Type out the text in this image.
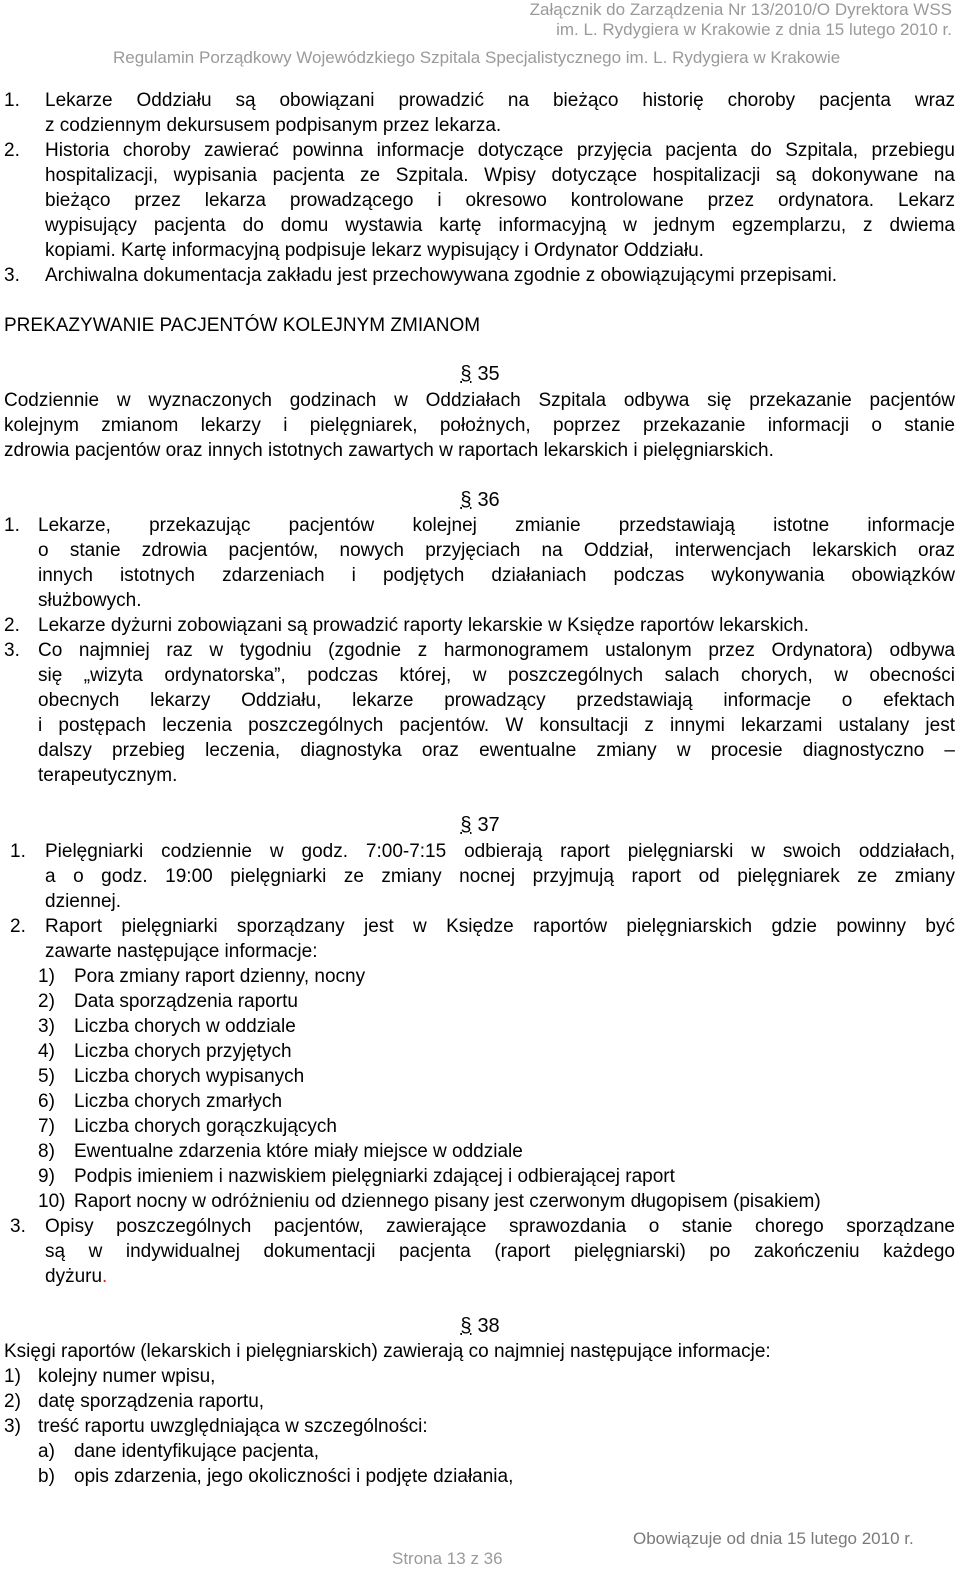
Załącznik do Zarządzenia Nr 13/2010/O Dyrektora WSS
im. L. Rydygiera w Krakowie z dnia 15 lutego 2010 r.
Regulamin Porządkowy Wojewódzkiego Szpitala Specjalistycznego im. L. Rydygiera w Krakowie
1. Lekarze Oddziału są obowiązani prowadzić na bieżąco historię choroby pacjenta wraz
z codziennym dekursusem podpisanym przez lekarza.
2. Historia choroby zawierać powinna informacje dotyczące przyjęcia pacjenta do Szpitala, przebiegu
hospitalizacji, wypisania pacjenta ze Szpitala. Wpisy dotyczące hospitalizacji są dokonywane na
bieżąco przez lekarza prowadzącego i okresowo kontrolowane przez ordynatora. Lekarz
wypisujący pacjenta do domu wystawia kartę informacyjną w jednym egzemplarzu, z dwiema
kopiami. Kartę informacyjną podpisuje lekarz wypisujący i Ordynator Oddziału.
3. Archiwalna dokumentacja zakładu jest przechowywana zgodnie z obowiązującymi przepisami.
PREKAZYWANIE PACJENTÓW KOLEJNYM ZMIANOM
§ 35
Codziennie w wyznaczonych godzinach w Oddziałach Szpitala odbywa się przekazanie pacjentów
kolejnym zmianom lekarzy i pielęgniarek, położnych, poprzez przekazanie informacji o stanie
zdrowia pacjentów oraz innych istotnych zawartych w raportach lekarskich i pielęgniarskich.
§ 36
1. Lekarze, przekazując pacjentów kolejnej zmianie przedstawiają istotne informacje
o stanie zdrowia pacjentów, nowych przyjęciach na Oddział, interwencjach lekarskich oraz
innych istotnych zdarzeniach i podjętych działaniach podczas wykonywania obowiązków
służbowych.
2. Lekarze dyżurni zobowiązani są prowadzić raporty lekarskie w Księdze raportów lekarskich.
3. Co najmniej raz w tygodniu (zgodnie z harmonogramem ustalonym przez Ordynatora) odbywa
się „wizyta ordynatorska”, podczas której, w poszczególnych salach chorych, w obecności
obecnych lekarzy Oddziału, lekarze prowadzący przedstawiają informacje o efektach
i postępach leczenia poszczególnych pacjentów. W konsultacji z innymi lekarzami ustalany jest
dalszy przebieg leczenia, diagnostyka oraz ewentualne zmiany w procesie diagnostyczno –
terapeutycznym.
§ 37
1. Pielęgniarki codziennie w godz. 7:00-7:15 odbierają raport pielęgniarski w swoich oddziałach,
a o godz. 19:00 pielęgniarki ze zmiany nocnej przyjmują raport od pielęgniarek ze zmiany
dziennej.
2. Raport pielęgniarki sporządzany jest w Księdze raportów pielęgniarskich gdzie powinny być
zawarte następujące informacje:
1) Pora zmiany raport dzienny, nocny
2) Data sporządzenia raportu
3) Liczba chorych w oddziale
4) Liczba chorych przyjętych
5) Liczba chorych wypisanych
6) Liczba chorych zmarłych
7) Liczba chorych gorączkujących
8) Ewentualne zdarzenia które miały miejsce w oddziale
9) Podpis imieniem i nazwiskiem pielęgniarki zdającej i odbierającej raport
10) Raport nocny w odróżnieniu od dziennego pisany jest czerwonym długopisem (pisakiem)
3. Opisy poszczególnych pacjentów, zawierające sprawozdania o stanie chorego sporządzane
są w indywidualnej dokumentacji pacjenta (raport pielęgniarski) po zakończeniu każdego
dyżuru.
§ 38
Księgi raportów (lekarskich i pielęgniarskich) zawierają co najmniej następujące informacje:
1) kolejny numer wpisu,
2) datę sporządzenia raportu,
3) treść raportu uwzględniająca w szczególności:
a) dane identyfikujące pacjenta,
b) opis zdarzenia, jego okoliczności i podjęte działania,
Strona 13 z 36
Obowiązuje od dnia 15 lutego 2010 r.
